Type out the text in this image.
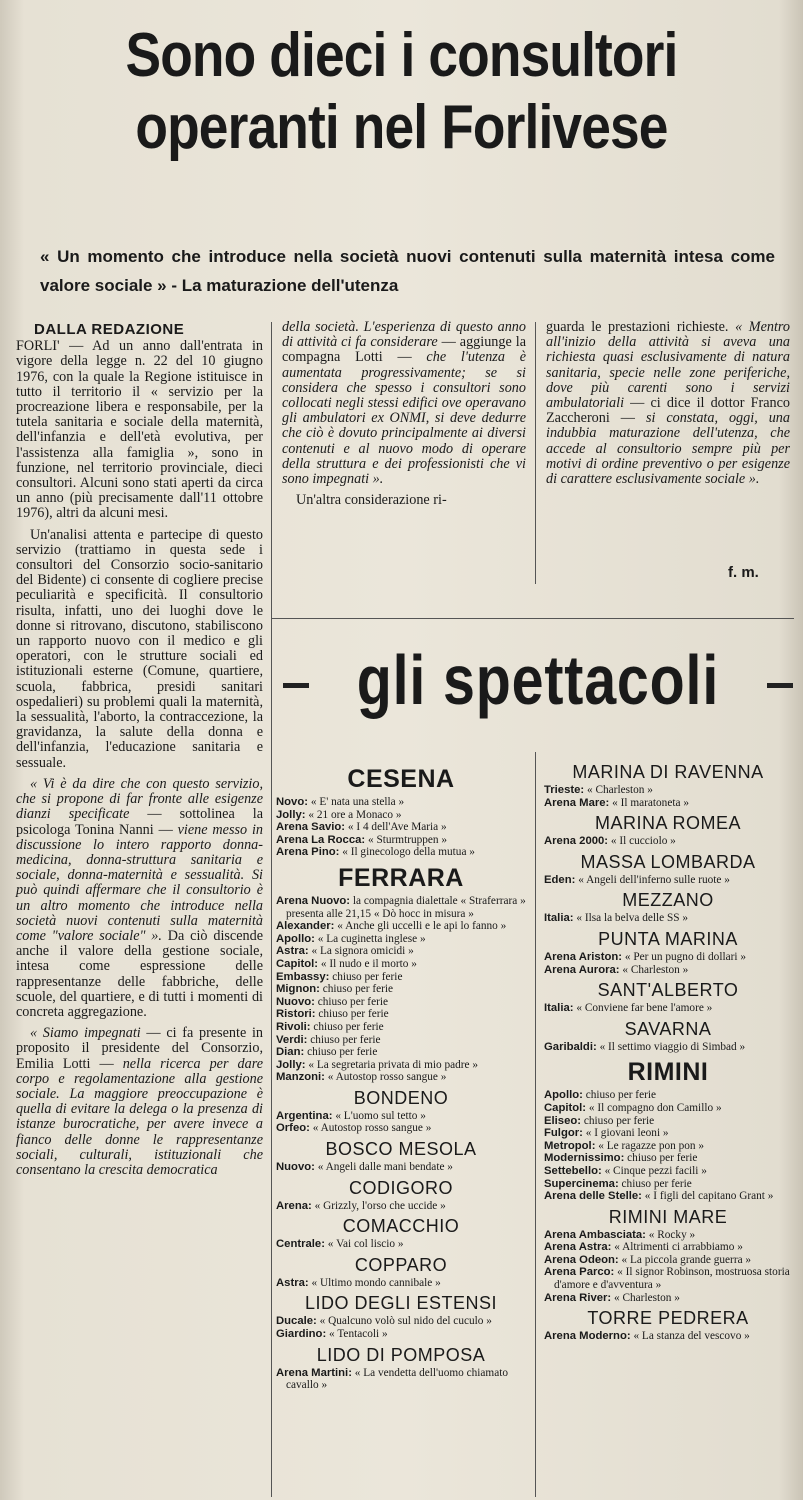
Sono dieci i consultori
operanti nel Forlivese

« Un momento che introduce nella società nuovi contenuti sulla maternità intesa come valore sociale » - La maturazione dell'utenza

DALLA REDAZIONE

FORLI' — Ad un anno dall'entrata in vigore della legge n. 22 del 10 giugno 1976, con la quale la Regione istituisce in tutto il territorio il « servizio per la procreazione libera e responsabile, per la tutela sanitaria e sociale della maternità, dell'infanzia e dell'età evolutiva, per l'assistenza alla famiglia », sono in funzione, nel territorio provinciale, dieci consultori. Alcuni sono stati aperti da circa un anno (più precisamente dall'11 ottobre 1976), altri da alcuni mesi.

Un'analisi attenta e partecipe di questo servizio (trattiamo in questa sede i consultori del Consorzio socio-sanitario del Bidente) ci consente di cogliere precise peculiarità e specificità. Il consultorio risulta, infatti, uno dei luoghi dove le donne si ritrovano, discutono, stabiliscono un rapporto nuovo con il medico e gli operatori, con le strutture sociali ed istituzionali esterne (Comune, quartiere, scuola, fabbrica, presidi sanitari ospedalieri) su problemi quali la maternità, la sessualità, l'aborto, la contraccezione, la gravidanza, la salute della donna e dell'infanzia, l'educazione sanitaria e sessuale.

« Vi è da dire che con questo servizio, che si propone di far fronte alle esigenze dianzi specificate — sottolinea la psicologa Tonina Nanni — viene messo in discussione lo intero rapporto donna-medicina, donna-struttura sanitaria e sociale, donna-maternità e sessualità. Si può quindi affermare che il consultorio è un altro momento che introduce nella società nuovi contenuti sulla maternità come "valore sociale" ». Da ciò discende anche il valore della gestione sociale, intesa come espressione delle rappresentanze delle fabbriche, delle scuole, del quartiere, e di tutti i momenti di concreta aggregazione.

« Siamo impegnati — ci fa presente in proposito il presidente del Consorzio, Emilia Lotti — nella ricerca per dare corpo e regolamentazione alla gestione sociale. La maggiore preoccupazione è quella di evitare la delega o la presenza di istanze burocratiche, per avere invece a fianco delle donne le rappresentanze sociali, culturali, istituzionali che consentano la crescita democratica

della società. L'esperienza di questo anno di attività ci fa considerare — aggiunge la compagna Lotti — che l'utenza è aumentata progressivamente; se si considera che spesso i consultori sono collocati negli stessi edifici ove operavano gli ambulatori ex ONMI, si deve dedurre che ciò è dovuto principalmente ai diversi contenuti e al nuovo modo di operare della struttura e dei professionisti che vi sono impegnati ».

Un'altra considerazione ri-

guarda le prestazioni richieste. « Mentro all'inizio della attività si aveva una richiesta quasi esclusivamente di natura sanitaria, specie nelle zone periferiche, dove più carenti sono i servizi ambulatoriali — ci dice il dottor Franco Zaccheroni — si constata, oggi, una indubbia maturazione dell'utenza, che accede al consultorio sempre più per motivi di ordine preventivo o per esigenze di carattere esclusivamente sociale ».

f. m.
gli spettacoli
CESENA

Novo: « E' nata una stella »

Jolly: « 21 ore a Monaco »

Arena Savio: « I 4 dell'Ave Maria »

Arena La Rocca: « Sturmtruppen »

Arena Pino: « Il ginecologo della mutua »

FERRARA

Arena Nuovo: la compagnia dialettale « Straferrara » presenta alle 21,15 « Dò hocc in misura »

Alexander: « Anche gli uccelli e le api lo fanno »

Apollo: « La cuginetta inglese »

Astra: « La signora omicidi »

Capitol: « Il nudo e il morto »

Embassy: chiuso per ferie

Mignon: chiuso per ferie

Nuovo: chiuso per ferie

Ristori: chiuso per ferie

Rivoli: chiuso per ferie

Verdi: chiuso per ferie

Dian: chiuso per ferie

Jolly: « La segretaria privata di mio padre »

Manzoni: « Autostop rosso sangue »

BONDENO

Argentina: « L'uomo sul tetto »

Orfeo: « Autostop rosso sangue »

BOSCO MESOLA

Nuovo: « Angeli dalle mani bendate »

CODIGORO

Arena: « Grizzly, l'orso che uccide »

COMACCHIO

Centrale: « Vai col liscio »

COPPARO

Astra: « Ultimo mondo cannibale »

LIDO DEGLI ESTENSI

Ducale: « Qualcuno volò sul nido del cuculo »

Giardino: « Tentacoli »

LIDO DI POMPOSA

Arena Martini: « La vendetta dell'uomo chiamato cavallo »

MARINA DI RAVENNA

Trieste: « Charleston »

Arena Mare: « Il maratoneta »

MARINA ROMEA

Arena 2000: « Il cucciolo »

MASSA LOMBARDA

Eden: « Angeli dell'inferno sulle ruote »

MEZZANO

Italia: « Ilsa la belva delle SS »

PUNTA MARINA

Arena Ariston: « Per un pugno di dollari »

Arena Aurora: « Charleston »

SANT'ALBERTO

Italia: « Conviene far bene l'amore »

SAVARNA

Garibaldi: « Il settimo viaggio di Simbad »

RIMINI

Apollo: chiuso per ferie

Capitol: « Il compagno don Camillo »

Eliseo: chiuso per ferie

Fulgor: « I giovani leoni »

Metropol: « Le ragazze pon pon »

Modernissimo: chiuso per ferie

Settebello: « Cinque pezzi facili »

Supercinema: chiuso per ferie

Arena delle Stelle: « I figli del capitano Grant »

RIMINI MARE

Arena Ambasciata: « Rocky »

Arena Astra: « Altrimenti ci arrabbiamo »

Arena Odeon: « La piccola grande guerra »

Arena Parco: « Il signor Robinson, mostruosa storia d'amore e d'avventura »

Arena River: « Charleston »

TORRE PEDRERA

Arena Moderno: « La stanza del vescovo »
